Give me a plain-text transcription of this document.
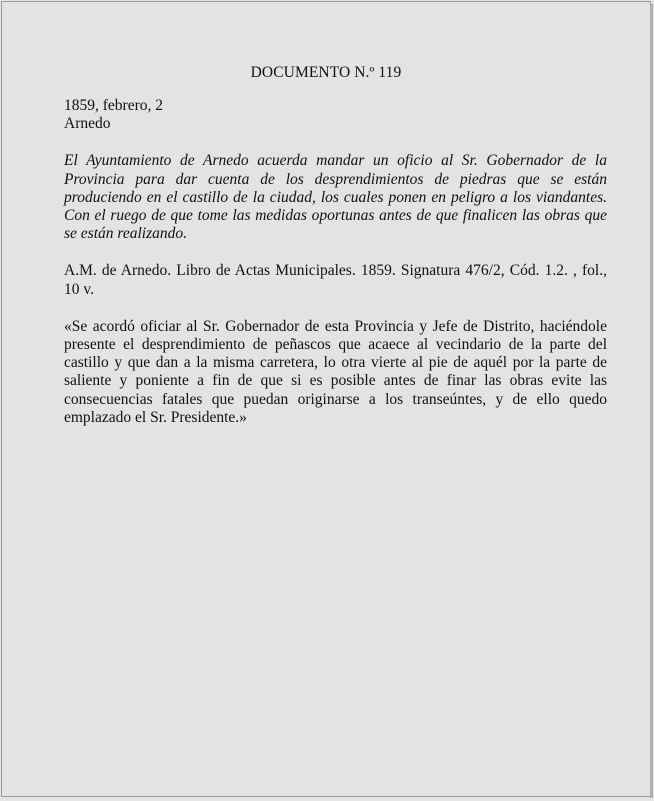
DOCUMENTO N.º 119
1859, febrero, 2
Arnedo

El Ayuntamiento de Arnedo acuerda mandar un oficio al Sr. Gobernador de la Provincia para dar cuenta de los desprendimientos de piedras que se están produciendo en el castillo de la ciudad, los cuales ponen en peligro a los viandantes. Con el ruego de que tome las medidas oportunas antes de que finalicen las obras que se están realizando.

A.M. de Arnedo. Libro de Actas Municipales. 1859. Signatura 476/2, Cód. 1.2. , fol., 10 v.

«Se acordó oficiar al Sr. Gobernador de esta Provincia y Jefe de Distrito, haciéndole presente el desprendimiento de peñascos que acaece al vecindario de la parte del castillo y que dan a la misma carretera, lo otra vierte al pie de aquél por la parte de saliente y poniente a fin de que si es posible antes de finar las obras evite las consecuencias fatales que puedan originarse a los transeúntes, y de ello quedo emplazado el Sr. Presidente.»
